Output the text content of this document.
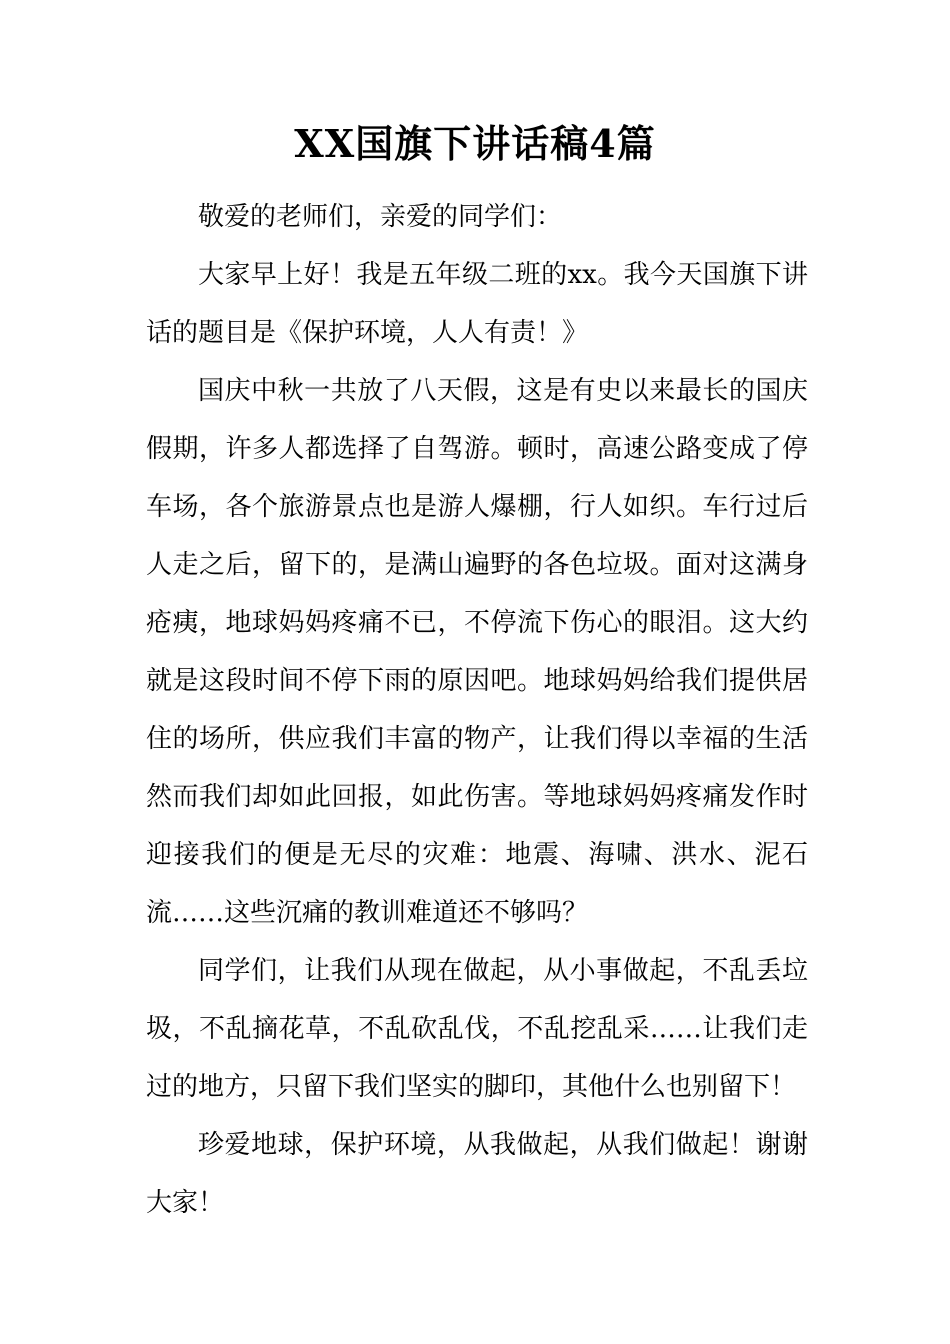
XX国旗下讲话稿4篇

敬爱的老师们，亲爱的同学们：

大家早上好！我是五年级二班的xx。我今天国旗下讲话的题目是《保护环境，人人有责！》

国庆中秋一共放了八天假，这是有史以来最长的国庆假期，许多人都选择了自驾游。顿时，高速公路变成了停车场，各个旅游景点也是游人爆棚，行人如织。车行过后人走之后，留下的，是满山遍野的各色垃圾。面对这满身疮痍，地球妈妈疼痛不已，不停流下伤心的眼泪。这大约就是这段时间不停下雨的原因吧。地球妈妈给我们提供居住的场所，供应我们丰富的物产，让我们得以幸福的生活然而我们却如此回报，如此伤害。等地球妈妈疼痛发作时迎接我们的便是无尽的灾难：地震、海啸、洪水、泥石流……这些沉痛的教训难道还不够吗？

同学们，让我们从现在做起，从小事做起，不乱丢垃圾，不乱摘花草，不乱砍乱伐，不乱挖乱采……让我们走过的地方，只留下我们坚实的脚印，其他什么也别留下！

珍爱地球，保护环境，从我做起，从我们做起！谢谢大家！
